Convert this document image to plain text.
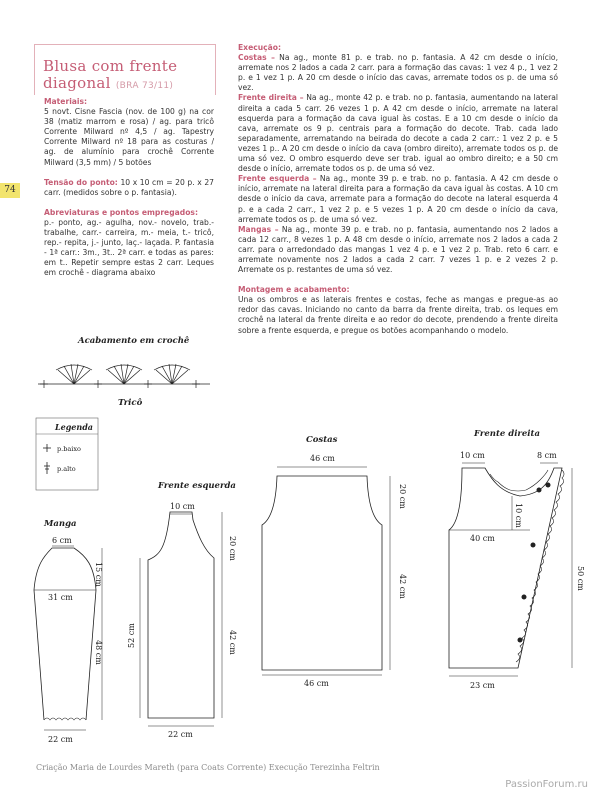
74
Blusa com frente
diagonal (BRA 73/11)
Materiais:
5 novt. Cisne Fascia (nov. de 100 g) na cor 38 (matiz marrom e rosa) / ag. para tricô Corrente Milward nº 4,5 / ag. Tapestry Corrente Milward nº 18 para as costuras / ag. de alumínio para crochê Corrente Milward (3,5 mm) / 5 botões
Tensão do ponto: 10 x 10 cm = 20 p. x 27 carr. (medidos sobre o p. fantasia).
Abreviaturas e pontos empregados:
p.- ponto, ag.- agulha, nov.- novelo, trab.- trabalhe, carr.- carreira, m.- meia, t.- tricô, rep.- repita, j.- junto, laç.- laçada. P. fantasia - 1ª carr.: 3m., 3t.. 2ª carr. e todas as pares: em t.. Repetir sempre estas 2 carr. Leques em crochê - diagrama abaixo
Execução:
Costas – Na ag., monte 81 p. e trab. no p. fantasia. A 42 cm desde o início, arremate nos 2 lados a cada 2 carr. para a formação das cavas: 1 vez 4 p., 1 vez 2 p. e 1 vez 1 p. A 20 cm desde o início das cavas, arremate todos os p. de uma só vez.
Frente direita – Na ag., monte 42 p. e trab. no p. fantasia, aumentando na lateral direita a cada 5 carr. 26 vezes 1 p. A 42 cm desde o início, arremate na lateral esquerda para a formação da cava igual às costas. E a 10 cm desde o início da cava, arremate os 9 p. centrais para a formação do decote. Trab. cada lado separadamente, arrematando na beirada do decote a cada 2 carr.: 1 vez 2 p. e 5 vezes 1 p.. A 20 cm desde o início da cava (ombro direito), arremate todos os p. de uma só vez. O ombro esquerdo deve ser trab. igual ao ombro direito; e a 50 cm desde o início, arremate todos os p. de uma só vez.
Frente esquerda – Na ag., monte 39 p. e trab. no p. fantasia. A 42 cm desde o início, arremate na lateral direita para a formação da cava igual às costas. A 10 cm desde o início da cava, arremate para a formação do decote na lateral esquerda 4 p. e a cada 2 carr., 1 vez 2 p. e 5 vezes 1 p. A 20 cm desde o início da cava, arremate todos os p. de uma só vez.
Mangas – Na ag., monte 39 p. e trab. no p. fantasia, aumentando nos 2 lados a cada 12 carr., 8 vezes 1 p. A 48 cm desde o início, arremate nos 2 lados a cada 2 carr. para o arredondado das mangas 1 vez 4 p. e 1 vez 2 p. Trab. reto 6 carr. e arremate novamente nos 2 lados a cada 2 carr. 7 vezes 1 p. e 2 vezes 2 p. Arremate os p. restantes de uma só vez.
Montagem e acabamento:
Una os ombros e as laterais frentes e costas, feche as mangas e pregue-as ao redor das cavas. Iniciando no canto da barra da frente direita, trab. os leques em crochê na lateral da frente direita e ao redor do decote, prendendo a frente direita sobre a frente esquerda, e pregue os botões acompanhando o modelo.
Acabamento em crochê
Tricô
Legenda
p.baixo
p.alto
Manga
6 cm
15 cm
31 cm
48 cm
22 cm
Frente esquerda
10 cm
20 cm
52 cm	42 cm
22 cm
Costas
46 cm
20 cm
42 cm
46 cm
Frente direita
10 cm	8 cm
10 cm
40 cm
50 cm
23 cm
Criação Maria de Lourdes Mareth (para Coats Corrente) Execução Terezinha Feltrin
PassionForum.ru
